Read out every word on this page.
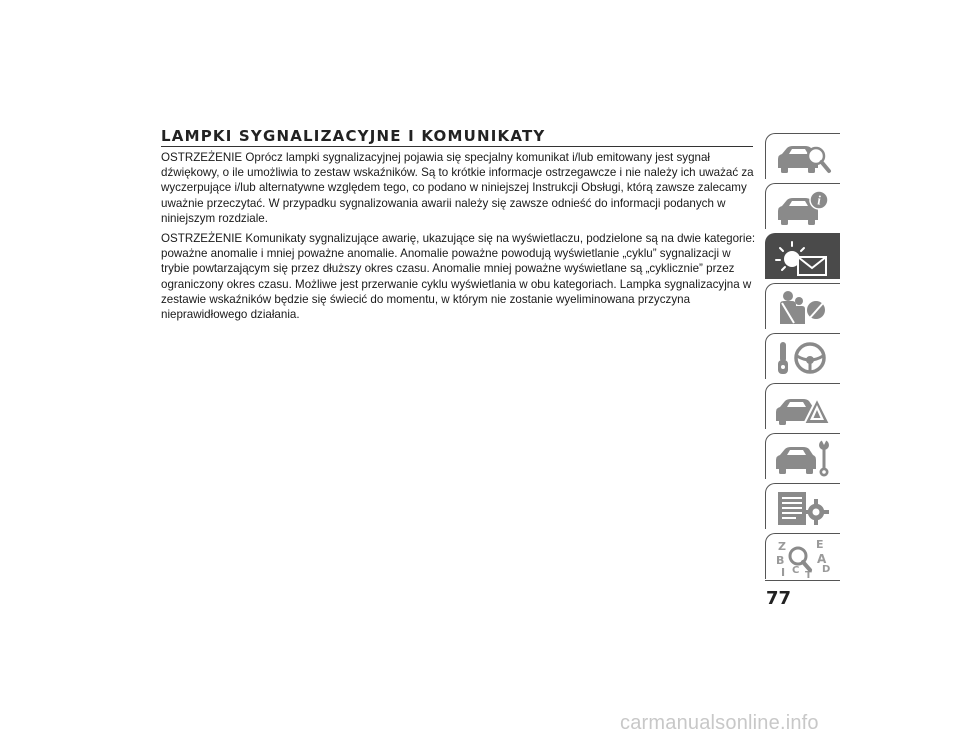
LAMPKI SYGNALIZACYJNE I KOMUNIKATY

OSTRZEŻENIE Oprócz lampki sygnalizacyjnej pojawia się specjalny komunikat i/lub emitowany jest sygnał dźwiękowy, o ile umożliwia to zestaw wskaźników. Są to krótkie informacje ostrzegawcze i nie należy ich uważać za wyczerpujące i/lub alternatywne względem tego, co podano w niniejszej Instrukcji Obsługi, którą zawsze zalecamy uważnie przeczytać. W przypadku sygnalizowania awarii należy się zawsze odnieść do informacji podanych w niniejszym rozdziale.

OSTRZEŻENIE Komunikaty sygnalizujące awarię, ukazujące się na wyświetlaczu, podzielone są na dwie kategorie: poważne anomalie i mniej poważne anomalie. Anomalie poważne powodują wyświetlanie „cyklu” sygnalizacji w trybie powtarzającym się przez dłuższy okres czasu. Anomalie mniej poważne wyświetlane są „cyklicznie” przez ograniczony okres czasu. Możliwe jest przerwanie cyklu wyświetlania w obu kategoriach. Lampka sygnalizacyjna w zestawie wskaźników będzie się świecić do momentu, w którym nie zostanie wyeliminowana przyczyna nieprawidłowego działania.

i
Z	E
B	A
D
I C T
77
carmanualsonline.info
